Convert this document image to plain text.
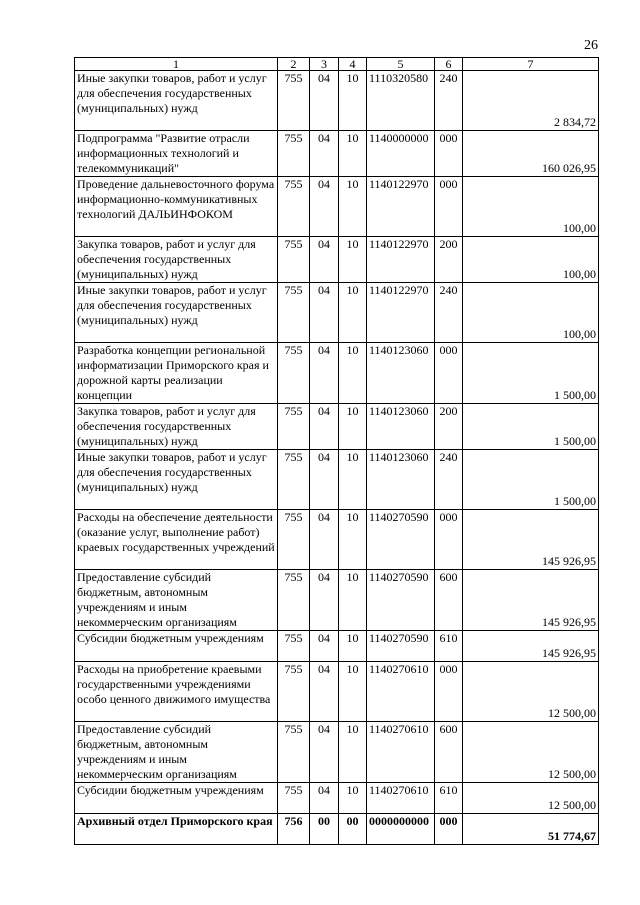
26
1	2	3	4	5	6	7
Иные закупки товаров, работ и услуг для обеспечения государственных (муниципальных) нужд	755	04	10	1110320580	240	2 834,72
Подпрограмма "Развитие отрасли информационных технологий и телекоммуникаций"	755	04	10	1140000000	000	160 026,95
Проведение дальневосточного форума информационно-коммуникативных технологий ДАЛЬИНФОКОМ	755	04	10	1140122970	000	100,00
Закупка товаров, работ и услуг для обеспечения государственных (муниципальных) нужд	755	04	10	1140122970	200	100,00
Иные закупки товаров, работ и услуг для обеспечения государственных (муниципальных) нужд	755	04	10	1140122970	240	100,00
Разработка концепции региональной информатизации Приморского края и дорожной карты реализации концепции	755	04	10	1140123060	000	1 500,00
Закупка товаров, работ и услуг для обеспечения государственных (муниципальных) нужд	755	04	10	1140123060	200	1 500,00
Иные закупки товаров, работ и услуг для обеспечения государственных (муниципальных) нужд	755	04	10	1140123060	240	1 500,00
Расходы на обеспечение деятельности (оказание услуг, выполнение работ) краевых государственных учреждений	755	04	10	1140270590	000	145 926,95
Предоставление субсидий бюджетным, автономным учреждениям и иным некоммерческим организациям	755	04	10	1140270590	600	145 926,95
Субсидии бюджетным учреждениям	755	04	10	1140270590	610	145 926,95
Расходы на приобретение краевыми государственными учреждениями особо ценного движимого имущества	755	04	10	1140270610	000	12 500,00
Предоставление субсидий бюджетным, автономным учреждениям и иным некоммерческим организациям	755	04	10	1140270610	600	12 500,00
Субсидии бюджетным учреждениям	755	04	10	1140270610	610	12 500,00
Архивный отдел Приморского края	756	00	00	0000000000	000	51 774,67
